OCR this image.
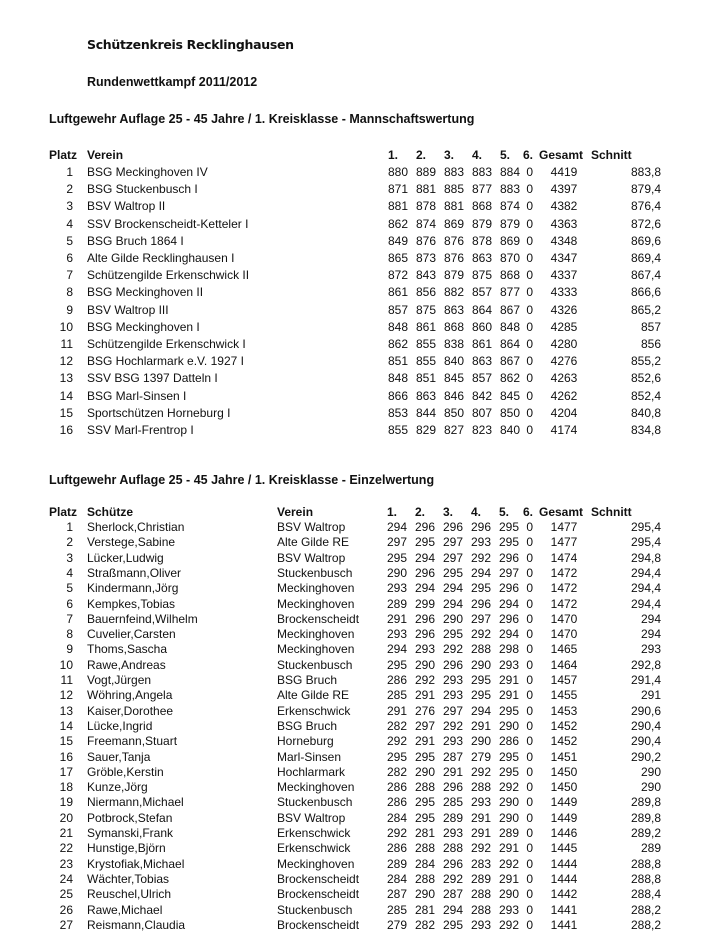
Schützenkreis Recklinghausen
Rundenwettkampf 2011/2012
Luftgewehr Auflage 25 - 45 Jahre / 1. Kreisklasse - Mannschaftswertung
Platz Verein	1.	2.	3.	4.	5.	6. Gesamt Schnitt
1 BSG Meckinghoven IV	880 889 883 883 884 0	4419	883,8
2 BSG Stuckenbusch I	871 881 885 877 883 0	4397	879,4
3 BSV Waltrop II	881 878 881 868 874 0	4382	876,4
4 SSV Brockenscheidt-Ketteler I	862 874 869 879 879 0	4363	872,6
5 BSG Bruch 1864 I	849 876 876 878 869 0	4348	869,6
6 Alte Gilde Recklinghausen I	865 873 876 863 870 0	4347	869,4
7 Schützengilde Erkenschwick II	872 843 879 875 868 0	4337	867,4
8 BSG Meckinghoven II	861 856 882 857 877 0	4333	866,6
9 BSV Waltrop III	857 875 863 864 867 0	4326	865,2
10 BSG Meckinghoven I	848 861 868 860 848 0	4285	857
11 Schützengilde Erkenschwick I	862 855 838 861 864 0	4280	856
12 BSG Hochlarmark e.V. 1927 I	851 855 840 863 867 0	4276	855,2
13 SSV BSG 1397 Datteln I	848 851 845 857 862 0	4263	852,6
14 BSG Marl-Sinsen I	866 863 846 842 845 0	4262	852,4
15 Sportschützen Horneburg I	853 844 850 807 850 0	4204	840,8
16 SSV Marl-Frentrop I	855 829 827 823 840 0	4174	834,8
Luftgewehr Auflage 25 - 45 Jahre / 1. Kreisklasse - Einzelwertung
Platz Schütze	Verein	1.	2.	3.	4.	5.	6. Gesamt Schnitt
1 Sherlock,Christian	BSV Waltrop	294 296 296 296 295 0	1477	295,4
2 Verstege,Sabine	Alte Gilde RE	297 295 297 293 295 0	1477	295,4
3 Lücker,Ludwig	BSV Waltrop	295 294 297 292 296 0	1474	294,8
4 Straßmann,Oliver	Stuckenbusch	290 296 295 294 297 0	1472	294,4
5 Kindermann,Jörg	Meckinghoven	293 294 294 295 296 0	1472	294,4
6 Kempkes,Tobias	Meckinghoven	289 299 294 296 294 0	1472	294,4
7 Bauernfeind,Wilhelm	Brockenscheidt	291 296 290 297 296 0	1470	294
8 Cuvelier,Carsten	Meckinghoven	293 296 295 292 294 0	1470	294
9 Thoms,Sascha	Meckinghoven	294 293 292 288 298 0	1465	293
10 Rawe,Andreas	Stuckenbusch	295 290 296 290 293 0	1464	292,8
11 Vogt,Jürgen	BSG Bruch	286 292 293 295 291 0	1457	291,4
12 Wöhring,Angela	Alte Gilde RE	285 291 293 295 291 0	1455	291
13 Kaiser,Dorothee	Erkenschwick	291 276 297 294 295 0	1453	290,6
14 Lücke,Ingrid	BSG Bruch	282 297 292 291 290 0	1452	290,4
15 Freemann,Stuart	Horneburg	292 291 293 290 286 0	1452	290,4
16 Sauer,Tanja	Marl-Sinsen	295 295 287 279 295 0	1451	290,2
17 Gröble,Kerstin	Hochlarmark	282 290 291 292 295 0	1450	290
18 Kunze,Jörg	Meckinghoven	286 288 296 288 292 0	1450	290
19 Niermann,Michael	Stuckenbusch	286 295 285 293 290 0	1449	289,8
20 Potbrock,Stefan	BSV Waltrop	284 295 289 291 290 0	1449	289,8
21 Symanski,Frank	Erkenschwick	292 281 293 291 289 0	1446	289,2
22 Hunstige,Björn	Erkenschwick	286 288 288 292 291 0	1445	289
23 Krystofiak,Michael	Meckinghoven	289 284 296 283 292 0	1444	288,8
24 Wächter,Tobias	Brockenscheidt	284 288 292 289 291 0	1444	288,8
25 Reuschel,Ulrich	Brockenscheidt	287 290 287 288 290 0	1442	288,4
26 Rawe,Michael	Stuckenbusch	285 281 294 288 293 0	1441	288,2
27 Reismann,Claudia	Brockenscheidt	279 282 295 293 292 0	1441	288,2
